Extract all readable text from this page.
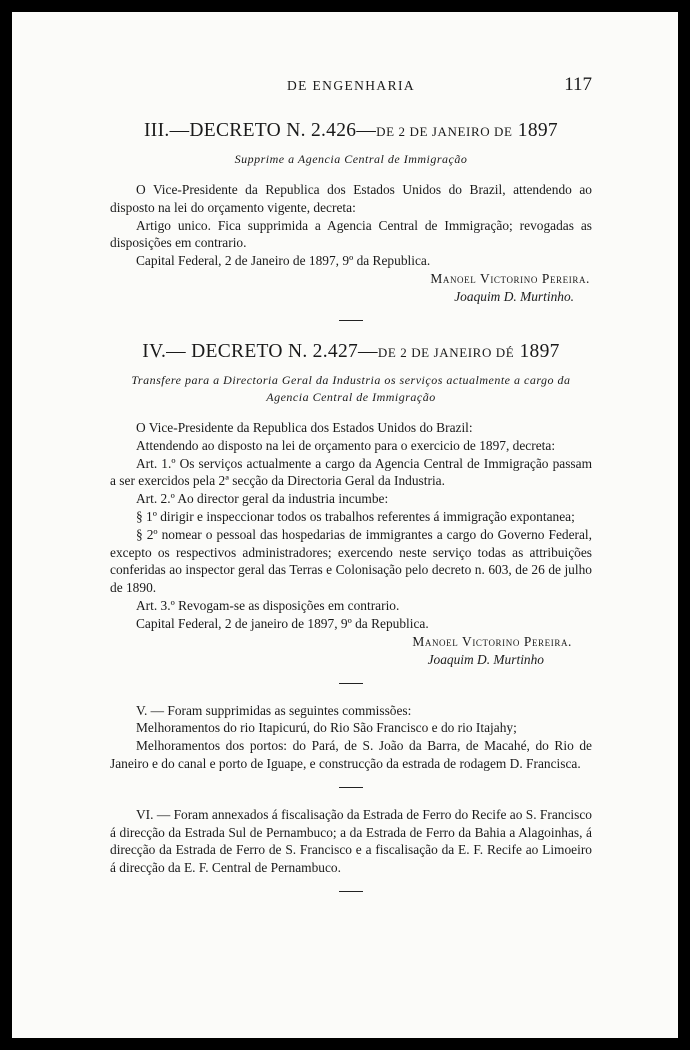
DE ENGENHARIA	117
III.—DECRETO N. 2.426—DE 2 DE JANEIRO DE 1897
Supprime a Agencia Central de Immigração

O Vice-Presidente da Republica dos Estados Unidos do Brazil, attendendo ao disposto na lei do orçamento vigente, decreta:

Artigo unico. Fica supprimida a Agencia Central de Immigração; revogadas as disposições em contrario.

Capital Federal, 2 de Janeiro de 1897, 9º da Republica.

Manoel Victorino Pereira.
Joaquim D. Murtinho.
IV.— DECRETO N. 2.427—DE 2 DE JANEIRO DÉ 1897
Transfere para a Directoria Geral da Industria os serviços actualmente a cargo da Agencia Central de Immigração

O Vice-Presidente da Republica dos Estados Unidos do Brazil:

Attendendo ao disposto na lei de orçamento para o exercicio de 1897, decreta:

Art. 1.º Os serviços actualmente a cargo da Agencia Central de Immigração passam a ser exercidos pela 2ª secção da Directoria Geral da Industria.

Art. 2.º Ao director geral da industria incumbe:

§ 1º dirigir e inspeccionar todos os trabalhos referentes á immigração expontanea;

§ 2º nomear o pessoal das hospedarias de immigrantes a cargo do Governo Federal, excepto os respectivos administradores; exercendo neste serviço todas as attribuições conferidas ao inspector geral das Terras e Colonisação pelo decreto n. 603, de 26 de julho de 1890.

Art. 3.º Revogam-se as disposições em contrario.

Capital Federal, 2 de janeiro de 1897, 9º da Republica.

Manoel Victorino Pereira.
Joaquim D. Murtinho

V. — Foram supprimidas as seguintes commissões:

Melhoramentos do rio Itapicurú, do Rio São Francisco e do rio Itajahy;

Melhoramentos dos portos: do Pará, de S. João da Barra, de Macahé, do Rio de Janeiro e do canal e porto de Iguape, e construcção da estrada de rodagem D. Francisca.

VI. — Foram annexados á fiscalisação da Estrada de Ferro do Recife ao S. Francisco á direcção da Estrada Sul de Pernambuco; a da Estrada de Ferro da Bahia a Alagoinhas, á direcção da Estrada de Ferro de S. Francisco e a fiscalisação da E. F. Recife ao Limoeiro á direcção da E. F. Central de Pernambuco.
